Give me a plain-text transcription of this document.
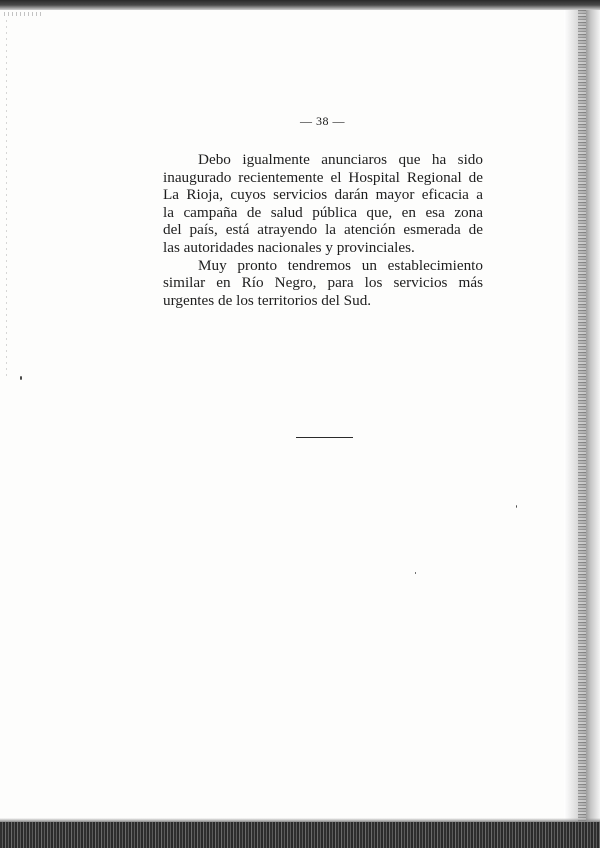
— 38 —

Debo igualmente anunciaros que ha sido
inaugurado recientemente el Hospital Regional de
La Rioja, cuyos servicios darán mayor eficacia a
la campaña de salud pública que, en esa zona
del país, está atrayendo la atención esmerada de
las autoridades nacionales y provinciales.

Muy pronto tendremos un establecimiento
similar en Río Negro, para los servicios más
urgentes de los territorios del Sud.
